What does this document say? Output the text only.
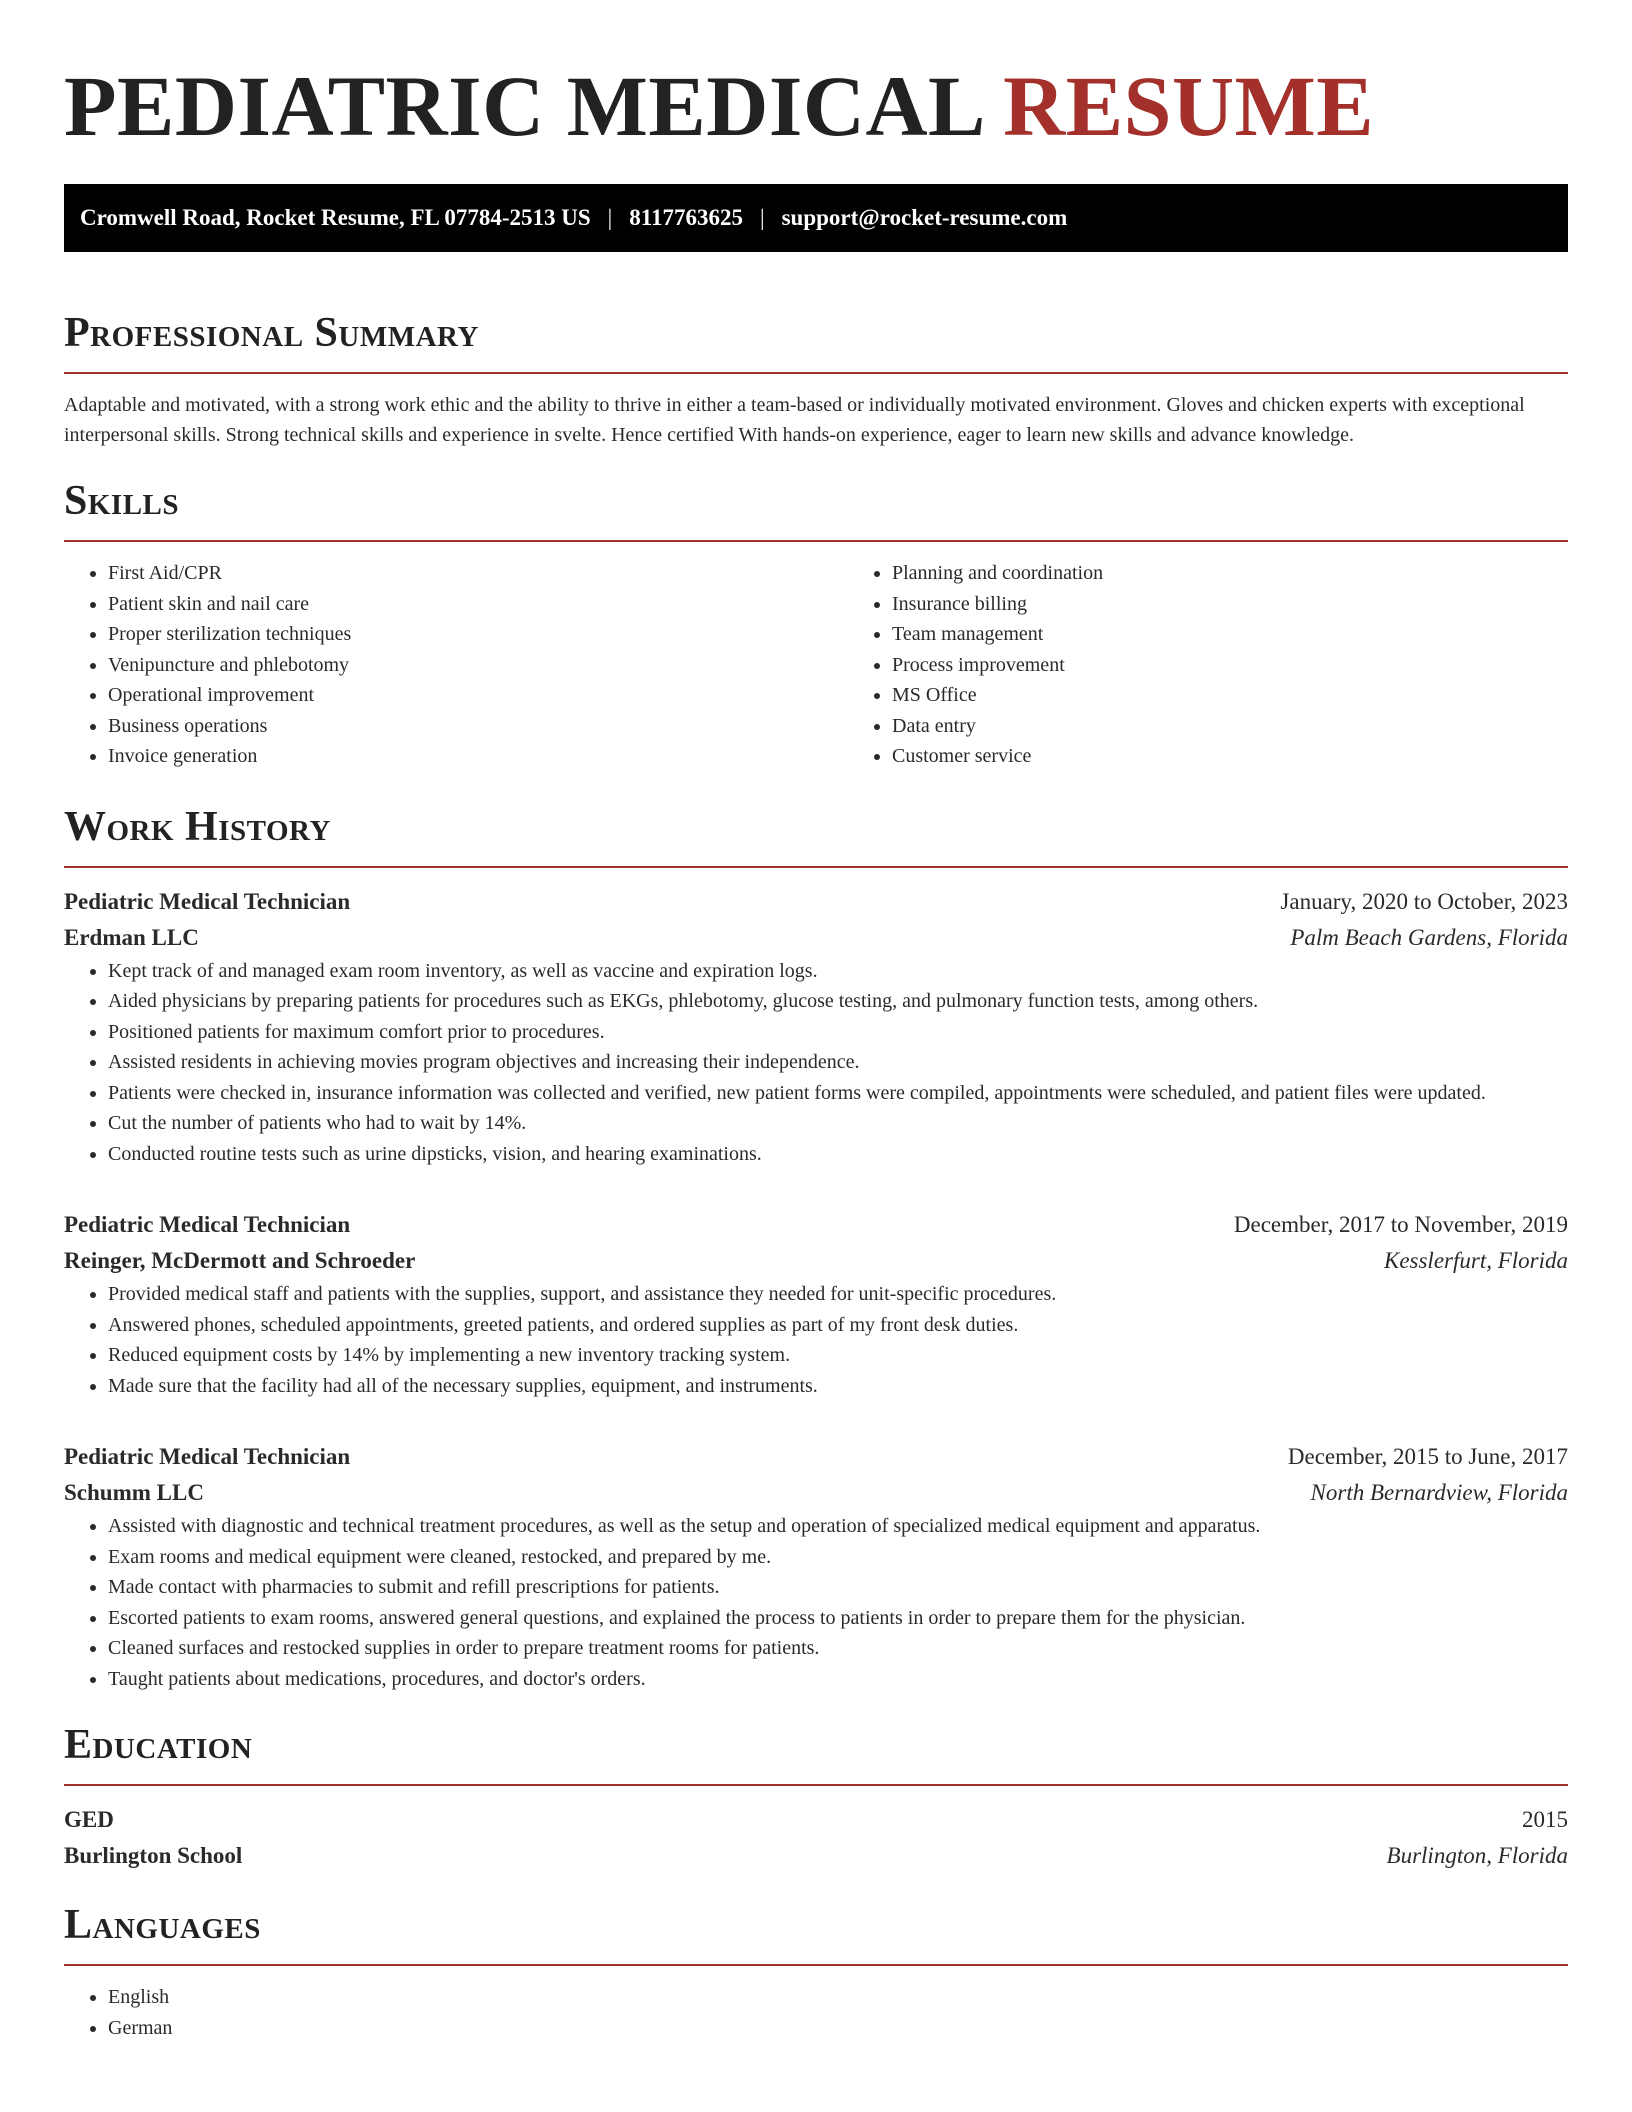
PEDIATRIC MEDICAL RESUME
Cromwell Road, Rocket Resume, FL 07784-2513 US | 8117763625 | support@rocket-resume.com
Professional Summary

Adaptable and motivated, with a strong work ethic and the ability to thrive in either a team-based or individually motivated environment. Gloves and chicken experts with exceptional interpersonal skills. Strong technical skills and experience in svelte. Hence certified With hands-on experience, eager to learn new skills and advance knowledge.

Skills
• First Aid/CPR
• Patient skin and nail care
• Proper sterilization techniques
• Venipuncture and phlebotomy
• Operational improvement
• Business operations
• Invoice generation
• Planning and coordination
• Insurance billing
• Team management
• Process improvement
• MS Office
• Data entry
• Customer service
Work History
Pediatric Medical Technician	January, 2020 to October, 2023
Erdman LLC	Palm Beach Gardens, Florida
• Kept track of and managed exam room inventory, as well as vaccine and expiration logs.
• Aided physicians by preparing patients for procedures such as EKGs, phlebotomy, glucose testing, and pulmonary function tests, among others.
• Positioned patients for maximum comfort prior to procedures.
• Assisted residents in achieving movies program objectives and increasing their independence.
• Patients were checked in, insurance information was collected and verified, new patient forms were compiled, appointments were scheduled, and patient files were updated.
• Cut the number of patients who had to wait by 14%.
• Conducted routine tests such as urine dipsticks, vision, and hearing examinations.
Pediatric Medical Technician	December, 2017 to November, 2019
Reinger, McDermott and Schroeder	Kesslerfurt, Florida
• Provided medical staff and patients with the supplies, support, and assistance they needed for unit-specific procedures.
• Answered phones, scheduled appointments, greeted patients, and ordered supplies as part of my front desk duties.
• Reduced equipment costs by 14% by implementing a new inventory tracking system.
• Made sure that the facility had all of the necessary supplies, equipment, and instruments.
Pediatric Medical Technician	December, 2015 to June, 2017
Schumm LLC	North Bernardview, Florida
• Assisted with diagnostic and technical treatment procedures, as well as the setup and operation of specialized medical equipment and apparatus.
• Exam rooms and medical equipment were cleaned, restocked, and prepared by me.
• Made contact with pharmacies to submit and refill prescriptions for patients.
• Escorted patients to exam rooms, answered general questions, and explained the process to patients in order to prepare them for the physician.
• Cleaned surfaces and restocked supplies in order to prepare treatment rooms for patients.
• Taught patients about medications, procedures, and doctor's orders.
Education
GED	2015
Burlington School	Burlington, Florida
Languages
• English
• German
